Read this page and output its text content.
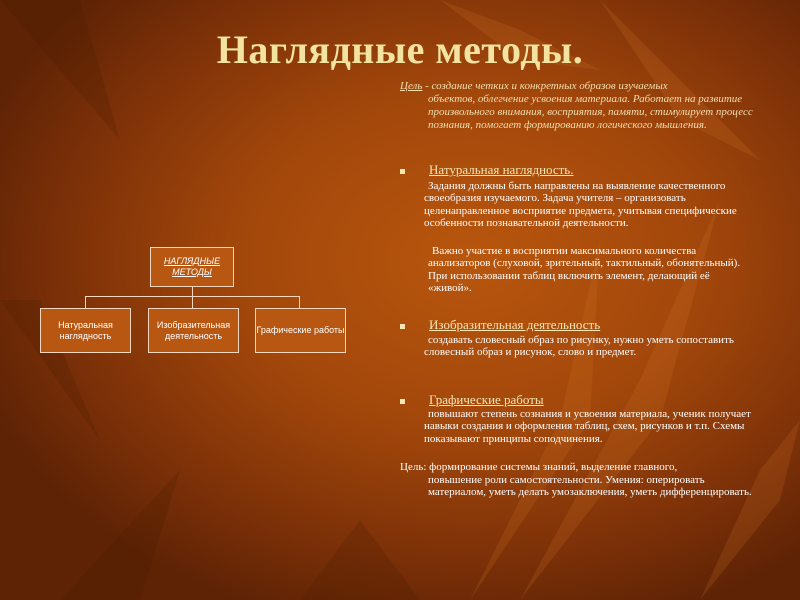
Наглядные методы.

Цель - создание четких и конкретных образов изучаемых

объектов, облегчение усвоения материала. Работает на развитие произвольного внимания, восприятия, памяти, стимулирует процесс познания, помогает формированию логического мышления.

НАГЛЯДНЫЕ МЕТОДЫ
Натуральная наглядность
Изобразительная деятельность
Графические работы
Натуральная наглядность.
Задания должны быть направлены на выявление качественного своеобразия изучаемого. Задача учителя – организовать целенаправленное восприятие предмета, учитывая специфические особенности познавательной деятельности.
Важно участие в восприятии максимального количества анализаторов (слуховой, зрительный, тактильный, обонятельный). При использовании таблиц включить элемент, делающий её «живой».
Изобразительная деятельность
создавать словесный образ по рисунку, нужно уметь сопоставить словесный образ и рисунок, слово и предмет.
Графические работы
повышают степень сознания и усвоения материала, ученик получает навыки создания и оформления таблиц, схем, рисунков и т.п. Схемы показывают принципы соподчинения.
Цель: формирование системы знаний, выделение главного,
повышение роли самостоятельности. Умения: оперировать материалом, уметь делать умозаключения, уметь дифференцировать.
